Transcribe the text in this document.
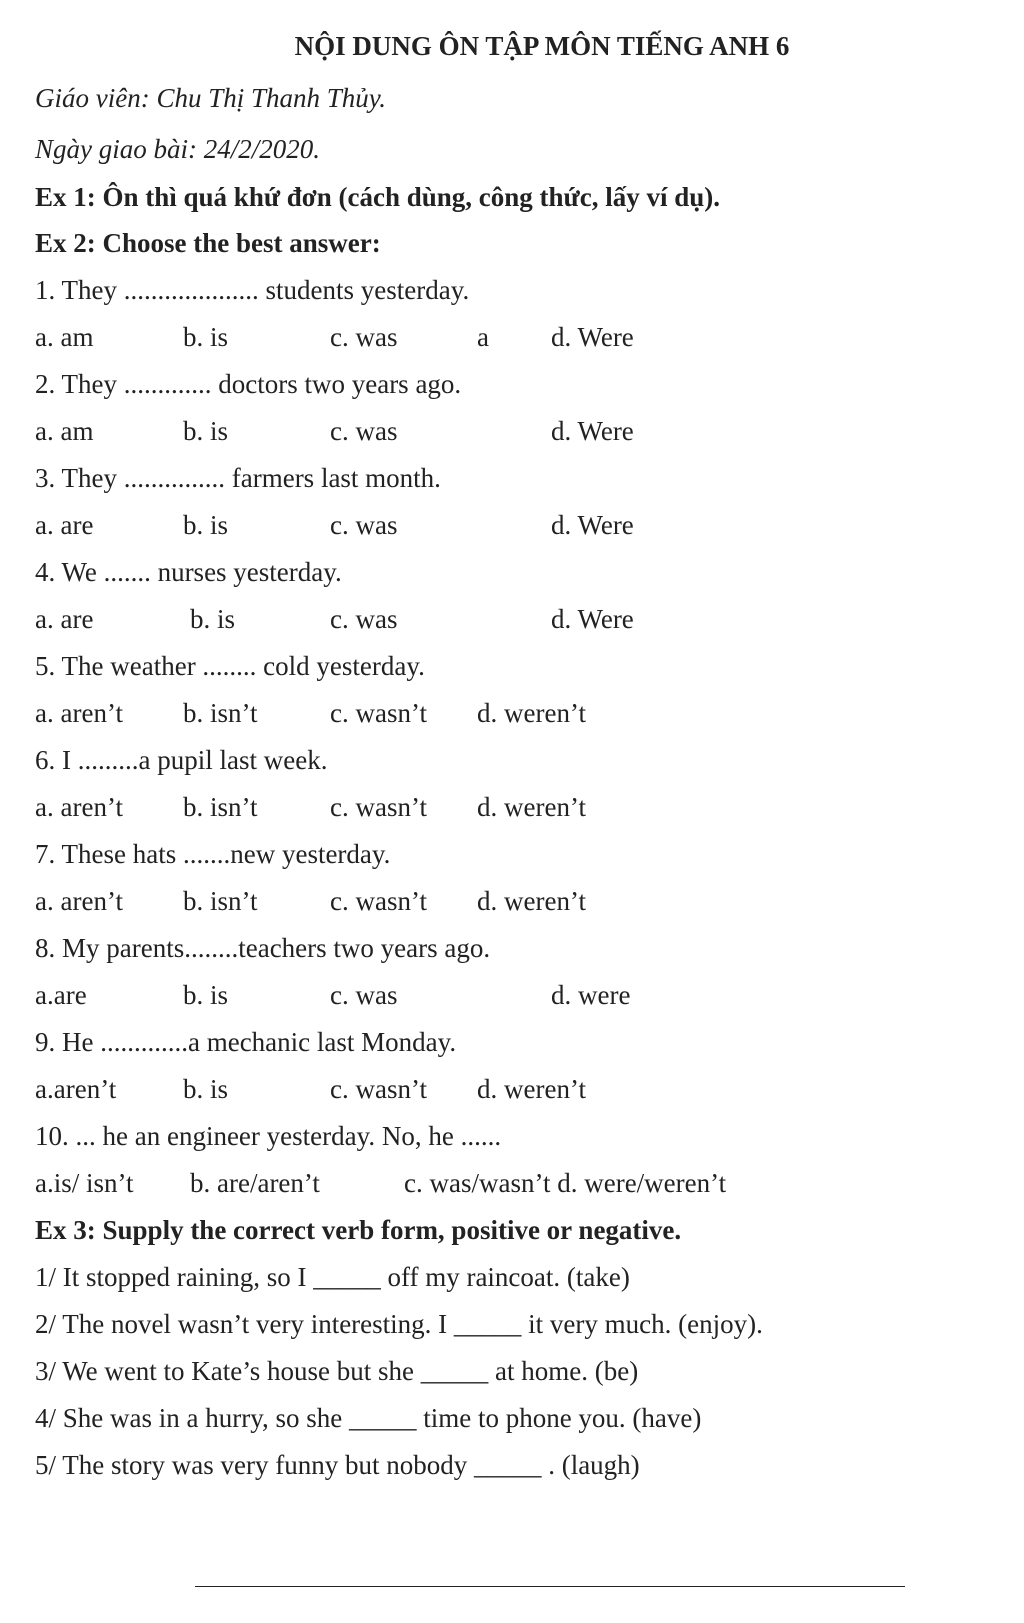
NỘI DUNG ÔN TẬP MÔN TIẾNG ANH 6
Giáo viên: Chu Thị Thanh Thủy.
Ngày giao bài: 24/2/2020.
Ex 1: Ôn thì quá khứ đơn (cách dùng, công thức, lấy ví dụ).
Ex 2: Choose the best answer:
1. They .................... students yesterday.
a. am	b. is	c. was	a d. Were
2. They ............. doctors two years ago.
a. am	b. is	c. was	d. Were
3. They ............... farmers last month.
a. are	b. is	c. was	d. Were
4. We ....... nurses yesterday.
a. are	b. is	c. was	d. Were
5. The weather ........ cold yesterday.
a. aren’t b. isn’t	c. wasn’t d. weren’t
6. I .........a pupil last week.
a. aren’t b. isn’t	c. wasn’t d. weren’t
7. These hats .......new yesterday.
a. aren’t b. isn’t	c. wasn’t d. weren’t
8. My parents........teachers two years ago.
a.are	b. is	c. was	d. were
9. He .............a mechanic last Monday.
a.aren’t b. is	c. wasn’t d. weren’t
10. ... he an engineer yesterday. No, he ......
a.is/ isn’t b. are/aren’t	c. was/wasn’t d. were/weren’t
Ex 3: Supply the correct verb form, positive or negative.
1/ It stopped raining, so I _____ off my raincoat. (take)
2/ The novel wasn’t very interesting. I _____ it very much. (enjoy).
3/ We went to Kate’s house but she _____ at home. (be)
4/ She was in a hurry, so she _____ time to phone you. (have)
5/ The story was very funny but nobody _____ . (laugh)
